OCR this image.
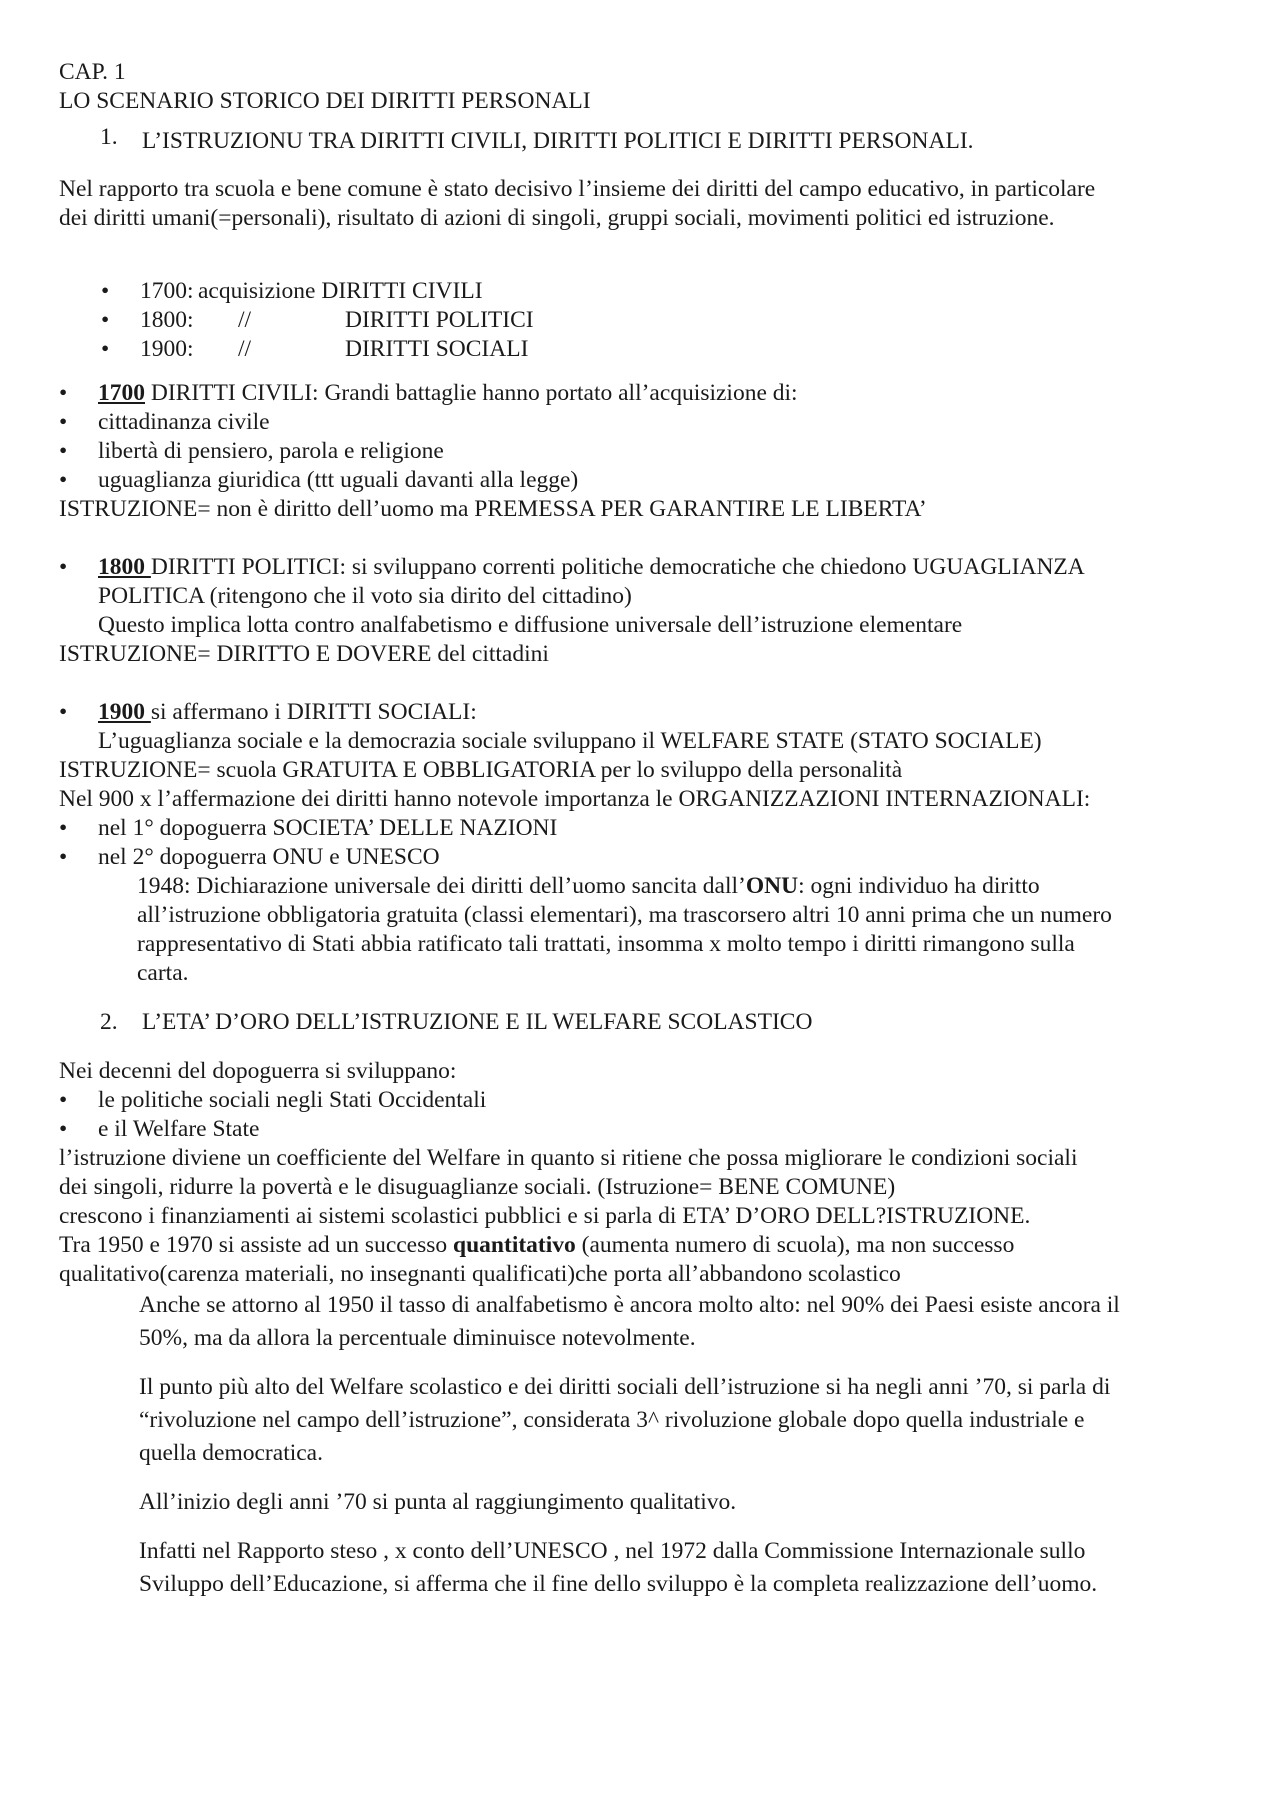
CAP. 1
LO SCENARIO STORICO DEI DIRITTI PERSONALI
1.	L’ISTRUZIONU TRA DIRITTI CIVILI, DIRITTI POLITICI E DIRITTI PERSONALI.
Nel rapporto tra scuola e bene comune è stato decisivo l’insieme dei diritti del campo educativo, in particolare
dei diritti umani(=personali), risultato di azioni di singoli, gruppi sociali, movimenti politici ed istruzione.
•	1700: acquisizione DIRITTI CIVILI
•	1800: //	DIRITTI POLITICI
•	1900: //	DIRITTI SOCIALI
•	1700 DIRITTI CIVILI: Grandi battaglie hanno portato all’acquisizione di:
•	cittadinanza civile
•	libertà di pensiero, parola e religione
•	uguaglianza giuridica (ttt uguali davanti alla legge)
ISTRUZIONE= non è diritto dell’uomo ma PREMESSA PER GARANTIRE LE LIBERTA’
•	1800 DIRITTI POLITICI: si sviluppano correnti politiche democratiche che chiedono UGUAGLIANZA
POLITICA (ritengono che il voto sia dirito del cittadino)
Questo implica lotta contro analfabetismo e diffusione universale dell’istruzione elementare
ISTRUZIONE= DIRITTO E DOVERE del cittadini
•	1900 si affermano i DIRITTI SOCIALI:
L’uguaglianza sociale e la democrazia sociale sviluppano il WELFARE STATE (STATO SOCIALE)
ISTRUZIONE= scuola GRATUITA E OBBLIGATORIA per lo sviluppo della personalità
Nel 900 x l’affermazione dei diritti hanno notevole importanza le ORGANIZZAZIONI INTERNAZIONALI:
•	nel 1° dopoguerra SOCIETA’ DELLE NAZIONI
•	nel 2° dopoguerra ONU e UNESCO
1948: Dichiarazione universale dei diritti dell’uomo sancita dall’ONU: ogni individuo ha diritto
all’istruzione obbligatoria gratuita (classi elementari), ma trascorsero altri 10 anni prima che un numero
rappresentativo di Stati abbia ratificato tali trattati, insomma x molto tempo i diritti rimangono sulla
carta.
2.	L’ETA’ D’ORO DELL’ISTRUZIONE E IL WELFARE SCOLASTICO
Nei decenni del dopoguerra si sviluppano:
•	le politiche sociali negli Stati Occidentali
•	e il Welfare State
l’istruzione diviene un coefficiente del Welfare in quanto si ritiene che possa migliorare le condizioni sociali
dei singoli, ridurre la povertà e le disuguaglianze sociali. (Istruzione= BENE COMUNE)
crescono i finanziamenti ai sistemi scolastici pubblici e si parla di ETA’ D’ORO DELL?ISTRUZIONE.
Tra 1950 e 1970 si assiste ad un successo quantitativo (aumenta numero di scuola), ma non successo
qualitativo(carenza materiali, no insegnanti qualificati)che porta all’abbandono scolastico
Anche se attorno al 1950 il tasso di analfabetismo è ancora molto alto: nel 90% dei Paesi esiste ancora il
50%, ma da allora la percentuale diminuisce notevolmente.
Il punto più alto del Welfare scolastico e dei diritti sociali dell’istruzione si ha negli anni ’70, si parla di
“rivoluzione nel campo dell’istruzione”, considerata 3^ rivoluzione globale dopo quella industriale e
quella democratica.
All’inizio degli anni ’70 si punta al raggiungimento qualitativo.
Infatti nel Rapporto steso , x conto dell’UNESCO , nel 1972 dalla Commissione Internazionale sullo
Sviluppo dell’Educazione, si afferma che il fine dello sviluppo è la completa realizzazione dell’uomo.
